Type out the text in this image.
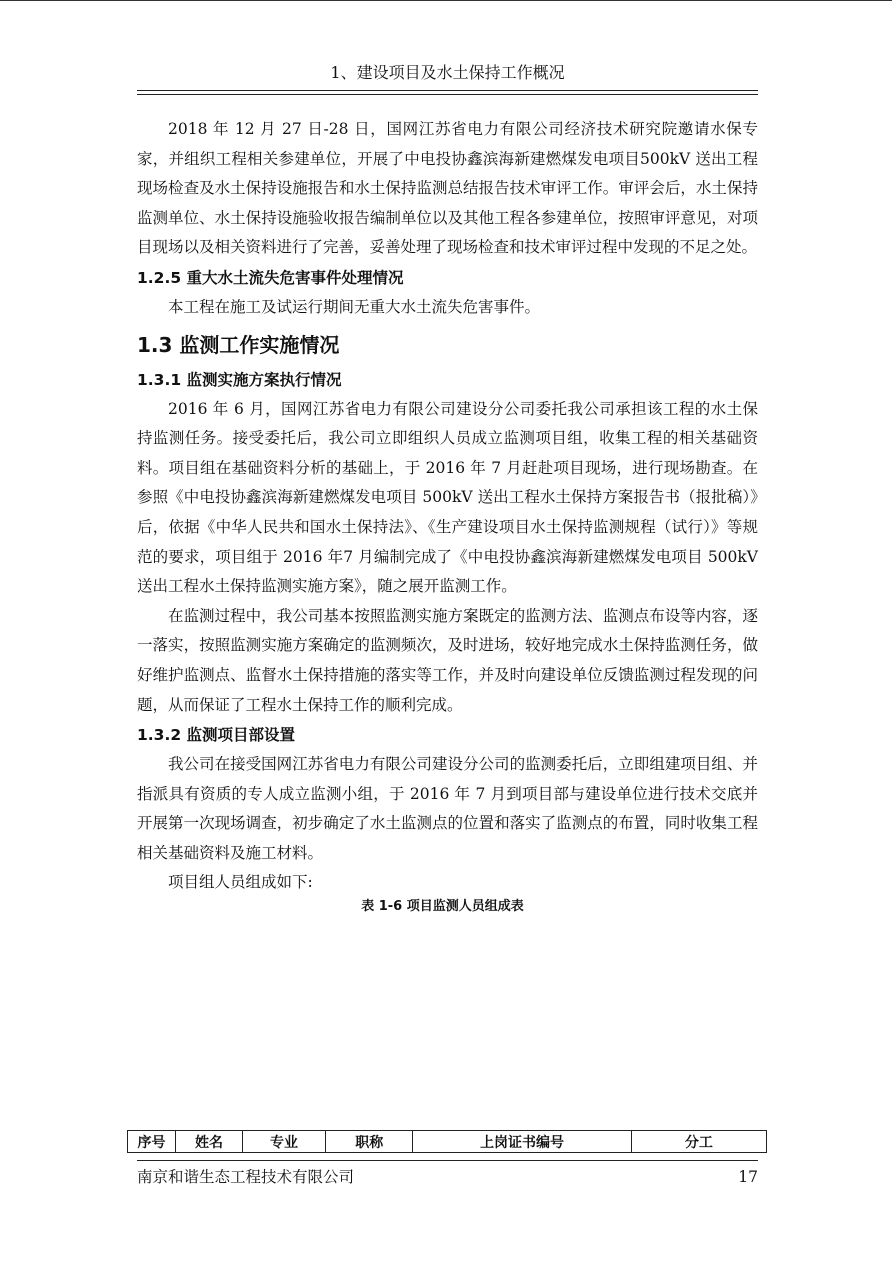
1、建设项目及水土保持工作概况

2018 年 12 月 27 日-28 日，国网江苏省电力有限公司经济技术研究院邀请水保专家，并组织工程相关参建单位，开展了中电投协鑫滨海新建燃煤发电项目500kV 送出工程现场检查及水土保持设施报告和水土保持监测总结报告技术审评工作。审评会后，水土保持监测单位、水土保持设施验收报告编制单位以及其他工程各参建单位，按照审评意见，对项目现场以及相关资料进行了完善，妥善处理了现场检查和技术审评过程中发现的不足之处。

1.2.5 重大水土流失危害事件处理情况

本工程在施工及试运行期间无重大水土流失危害事件。

1.3 监测工作实施情况

1.3.1 监测实施方案执行情况

2016 年 6 月，国网江苏省电力有限公司建设分公司委托我公司承担该工程的水土保持监测任务。接受委托后，我公司立即组织人员成立监测项目组，收集工程的相关基础资料。项目组在基础资料分析的基础上，于 2016 年 7 月赶赴项目现场，进行现场勘查。在参照《中电投协鑫滨海新建燃煤发电项目 500kV 送出工程水土保持方案报告书（报批稿）》后，依据《中华人民共和国水土保持法》、《生产建设项目水土保持监测规程（试行）》等规范的要求，项目组于 2016 年7 月编制完成了《中电投协鑫滨海新建燃煤发电项目 500kV 送出工程水土保持监测实施方案》，随之展开监测工作。

在监测过程中，我公司基本按照监测实施方案既定的监测方法、监测点布设等内容，逐一落实，按照监测实施方案确定的监测频次，及时进场，较好地完成水土保持监测任务，做好维护监测点、监督水土保持措施的落实等工作，并及时向建设单位反馈监测过程发现的问题，从而保证了工程水土保持工作的顺利完成。

1.3.2 监测项目部设置

我公司在接受国网江苏省电力有限公司建设分公司的监测委托后，立即组建项目组、并指派具有资质的专人成立监测小组，于 2016 年 7 月到项目部与建设单位进行技术交底并开展第一次现场调查，初步确定了水土监测点的位置和落实了监测点的布置，同时收集工程相关基础资料及施工材料。

项目组人员组成如下:

表 1-6 项目监测人员组成表
序号	姓名	专业	职称	上岗证书编号	分工
南京和谐生态工程技术有限公司	17
